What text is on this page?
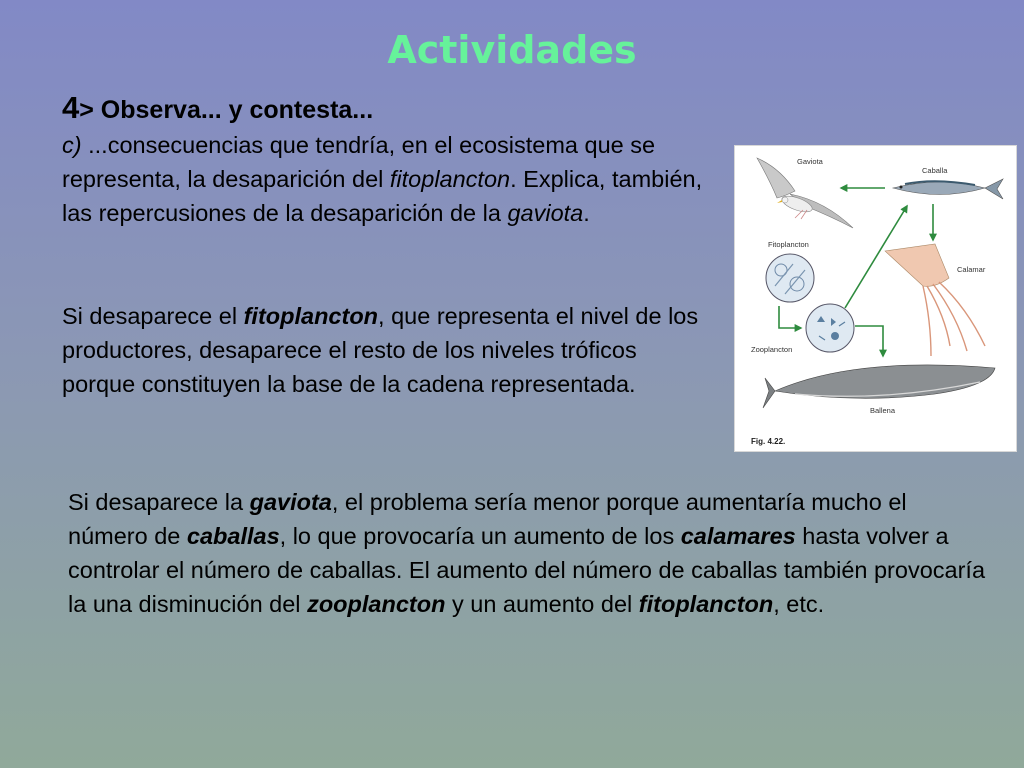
Actividades
4> Observa... y contesta...
c) ...consecuencias que tendría, en el ecosistema que se representa, la desaparición del fitoplancton. Explica, también, las repercusiones de la desaparición de la gaviota.
Si desaparece el fitoplancton, que representa el nivel de los productores, desaparece el resto de los niveles tróficos porque constituyen la base de la cadena representada.
Si desaparece la gaviota, el problema sería menor porque aumentaría mucho el número de caballas, lo que provocaría un aumento de los calamares hasta volver a controlar el número de caballas. El aumento del número de caballas también provocaría la una disminución del zooplancton y un aumento del fitoplancton, etc.
Gaviota
Caballa
Fitoplancton
Zooplancton
Calamar
Ballena
Fig. 4.22.
